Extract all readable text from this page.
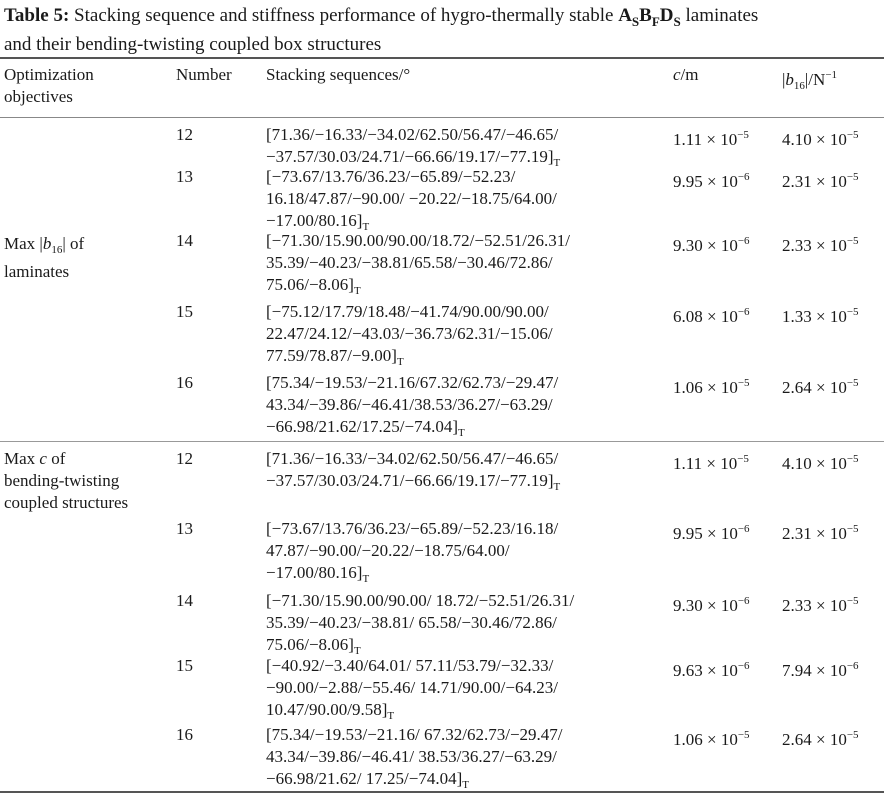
Table 5: Stacking sequence and stiffness performance of hygro-thermally stable $A_SB_FD_S$ laminates
and their bending-twisting coupled box structures
Optimization
objectives
Number Stacking sequences/°	c/m	$|b_{16}|/N^{-1}$
Max $|b_{16}|$ of
laminates
12	[71.36/−16.33/−34.02/62.50/56.47/−46.65/
$-37.57/30.03/24.71/-66.66/19.17/-77.19]_T$
$1.11 \times 10^{-5}$ $4.10 \times 10^{-5}$
13	[−73.67/13.76/36.23/−65.89/−52.23/
16.18/47.87/−90.00/ −20.22/−18.75/64.00/
$-17.00/80.16]_T$
$9.95 \times 10^{-6}$ $2.31 \times 10^{-5}$
14	[−71.30/15.90.00/90.00/18.72/−52.51/26.31/
35.39/−40.23/−38.81/65.58/−30.46/72.86/
$75.06/-8.06]_T$
$9.30 \times 10^{-6}$ $2.33 \times 10^{-5}$
15	[−75.12/17.79/18.48/−41.74/90.00/90.00/
22.47/24.12/−43.03/−36.73/62.31/−15.06/
$77.59/78.87/-9.00]_T$
$6.08 \times 10^{-6}$ $1.33 \times 10^{-5}$
16	[75.34/−19.53/−21.16/67.32/62.73/−29.47/
43.34/−39.86/−46.41/38.53/36.27/−63.29/
$-66.98/21.62/17.25/-74.04]_T$
$1.06 \times 10^{-5}$ $2.64 \times 10^{-5}$
Max c of
bending-twisting
coupled structures
12	[71.36/−16.33/−34.02/62.50/56.47/−46.65/
$-37.57/30.03/24.71/-66.66/19.17/-77.19]_T$
$1.11 \times 10^{-5}$ $4.10 \times 10^{-5}$
13	[−73.67/13.76/36.23/−65.89/−52.23/16.18/
47.87/−90.00/−20.22/−18.75/64.00/
$-17.00/80.16]_T$
$9.95 \times 10^{-6}$ $2.31 \times 10^{-5}$
14	[−71.30/15.90.00/90.00/ 18.72/−52.51/26.31/
35.39/−40.23/−38.81/ 65.58/−30.46/72.86/
$75.06/-8.06]_T$
$9.30 \times 10^{-6}$ $2.33 \times 10^{-5}$
15	[−40.92/−3.40/64.01/ 57.11/53.79/−32.33/
−90.00/−2.88/−55.46/ 14.71/90.00/−64.23/
$10.47/90.00/9.58]_T$
$9.63 \times 10^{-6}$ $7.94 \times 10^{-6}$
16	[75.34/−19.53/−21.16/ 67.32/62.73/−29.47/
43.34/−39.86/−46.41/ 38.53/36.27/−63.29/
−66.98/21.62/ $17.25/-74.04]_T$
$1.06 \times 10^{-5}$ $2.64 \times 10^{-5}$
